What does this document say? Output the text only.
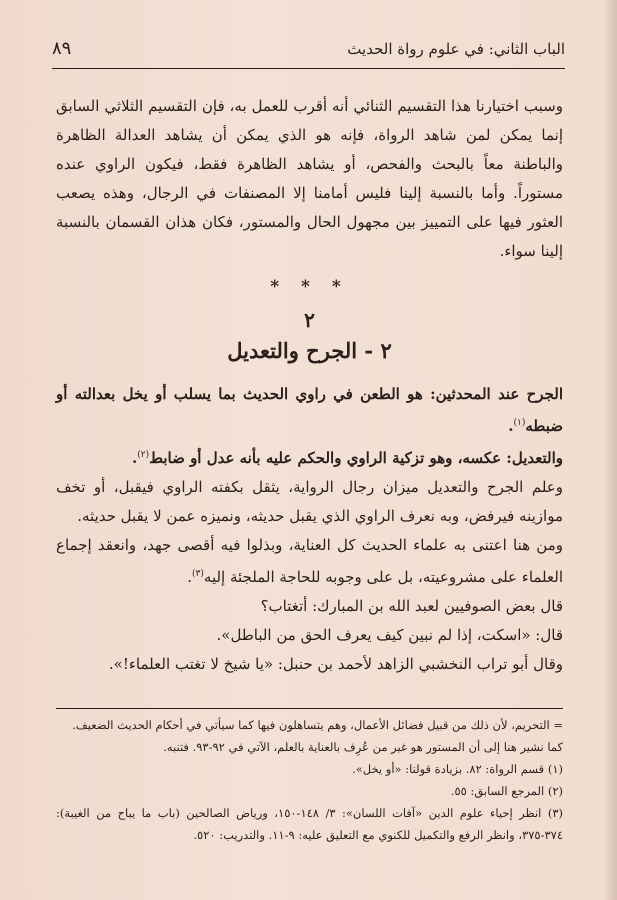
الباب الثاني: في علوم رواة الحديث
٨٩

وسبب اختيارنا هذا التقسيم الثنائي أنه أقرب للعمل به، فإن التقسيم الثلاثي السابق إنما يمكن لمن شاهد الرواة، فإنه هو الذي يمكن أن يشاهد العدالة الظاهرة والباطنة معاً بالبحث والفحص، أو يشاهد الظاهرة فقط، فيكون الراوي عنده مستوراً. وأما بالنسبة إلينا فليس أمامنا إلا المصنفات في الرجال، وهذه يصعب العثور فيها على التمييز بين مجهول الحال والمستور، فكان هذان القسمان بالنسبة إلينا سواء.

* * *
٢
٢ - الجرح والتعديل

الجرح عند المحدثين: هو الطعن في راوي الحديث بما يسلب أو يخل بعدالته أو ضبطه$^{(١)}$.

والتعديل: عكسه، وهو تزكية الراوي والحكم عليه بأنه عدل أو ضابط$^{(٢)}$.

وعلم الجرح والتعديل ميزان رجال الرواية، يثقل بكفته الراوي فيقبل، أو تخف موازينه فيرفض، وبه نعرف الراوي الذي يقبل حديثه، ونميزه عمن لا يقبل حديثه.

ومن هنا اعتنى به علماء الحديث كل العناية، وبذلوا فيه أقصى جهد، وانعقد إجماع العلماء على مشروعيته، بل على وجوبه للحاجة الملجئة إليه$^{(٣)}$.

قال بعض الصوفيين لعبد الله بن المبارك: أتغتاب؟

قال: «اسكت، إذا لم نبين كيف يعرف الحق من الباطل».

وقال أبو تراب النخشبي الزاهد لأحمد بن حنبل: «يا شيخ لا تغتب العلماء!».

= التحريم، لأن ذلك من قبيل فضائل الأعمال، وهم يتساهلون فيها كما سيأتي في أحكام الحديث الضعيف.

كما نشير هنا إلى أن المستور هو غير من عُرِف بالعناية بالعلم، الآتي في ٩٢-٩٣. فتنبه.

(١) قسم الرواة: ٨٢. بزيادة قولنا: «أو يخل».

(٢) المرجع السابق: ٥٥.

(٣) انظر إحياء علوم الدين «آفات اللسان»: ٣/ ١٤٨-١٥٠، ورياض الصالحين (باب ما يباح من الغيبة): ٣٧٤-٣٧٥، وانظر الرفع والتكميل للكنوي مع التعليق عليه: ٩-١١. والتدريب: ٥٢٠.
